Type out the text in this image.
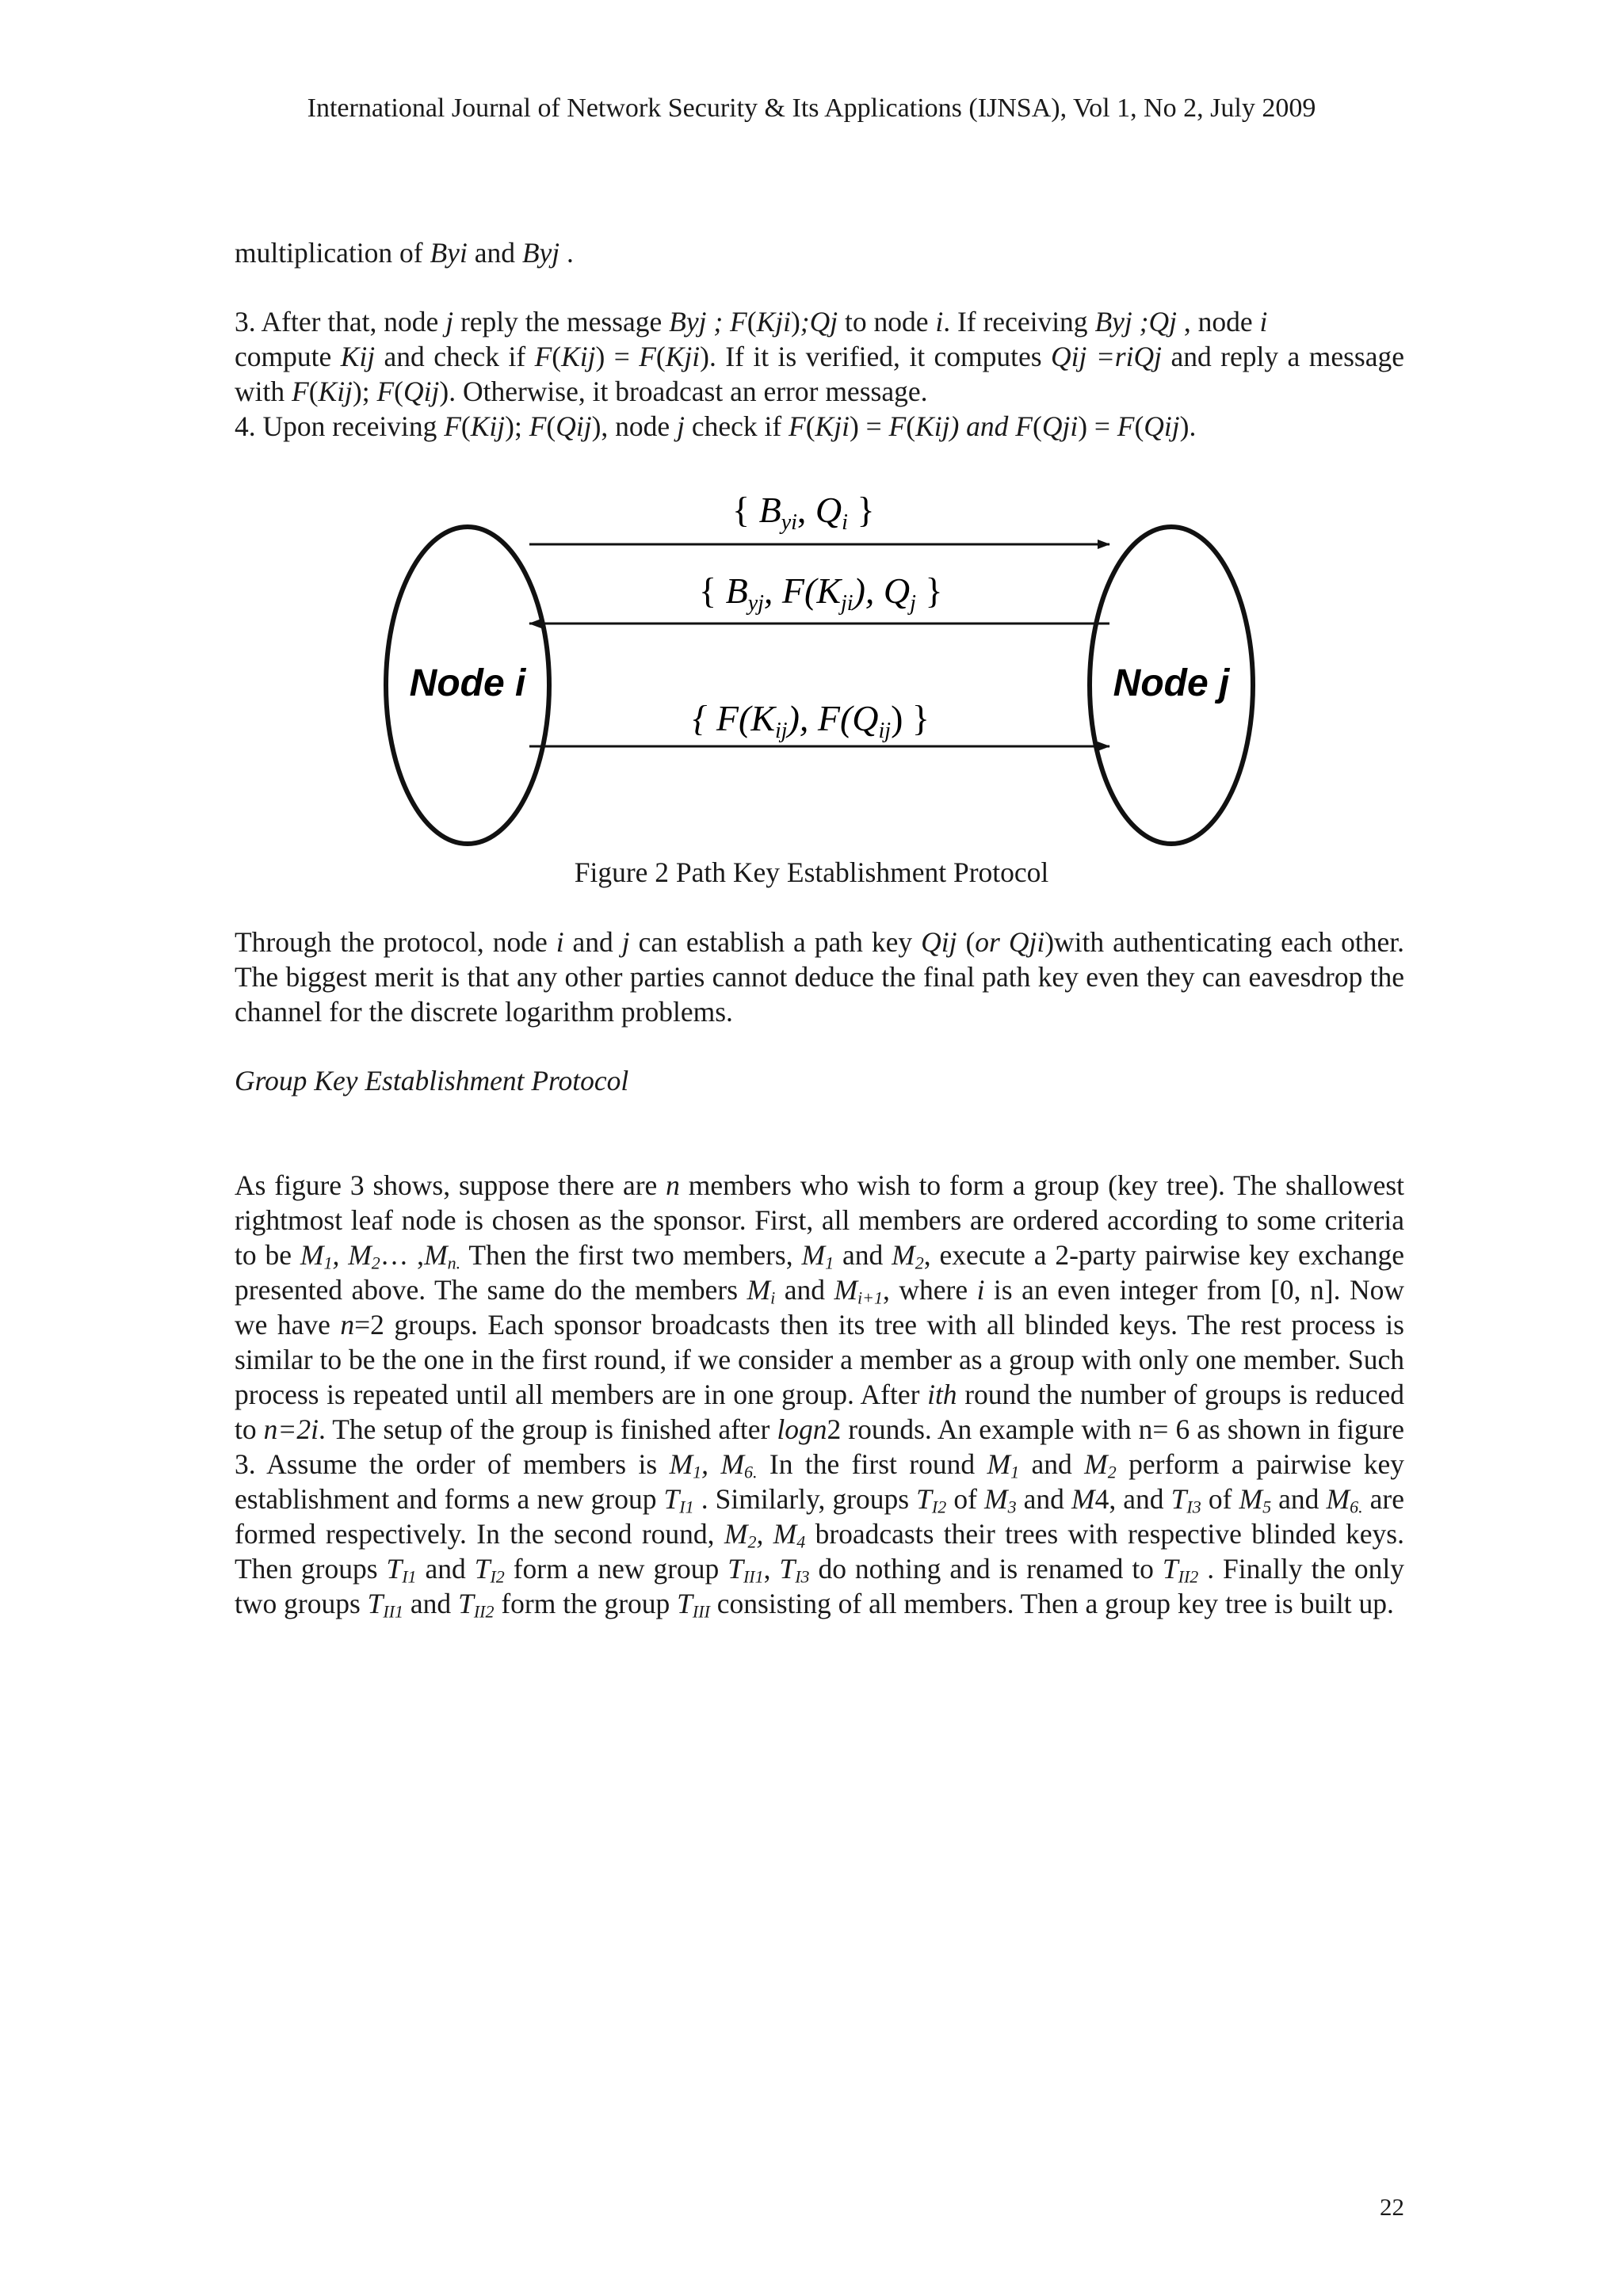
International Journal of Network Security & Its Applications (IJNSA), Vol 1, No 2, July 2009
multiplication of Byi and Byj .
3. After that, node j reply the message Byj ; F(Kji);Qj to node i. If receiving Byj ;Qj , node i
compute Kij and check if F(Kij) = F(Kji). If it is verified, it computes Qij =riQj and reply a message with F(Kij); F(Qij). Otherwise, it broadcast an error message.
4. Upon receiving F(Kij); F(Qij), node j check if F(Kji) = F(Kij) and F(Qji) = F(Qij).
Node i	Node j
{ Byi, Qi }
{ Byj, F(Kji), Qj }
{ F(Kij), F(Qij) }
Figure 2 Path Key Establishment Protocol
Through the protocol, node i and j can establish a path key Qij (or Qji)with authenticating each other. The biggest merit is that any other parties cannot deduce the final path key even they can eavesdrop the channel for the discrete logarithm problems.
Group Key Establishment Protocol
As figure 3 shows, suppose there are n members who wish to form a group (key tree). The shallowest rightmost leaf node is chosen as the sponsor. First, all members are ordered according to some criteria to be $M_1$, $M_2\dots$ $,M_{n.}$ Then the first two members, $M_1$ and $M_2$, execute a 2-party pairwise key exchange presented above. The same do the members $M_i$ and $M_{i+1}$, where i is an even integer from [0, n]. Now we have n=2 groups. Each sponsor broadcasts then its tree with all blinded keys. The rest process is similar to be the one in the first round, if we consider a member as a group with only one member. Such process is repeated until all members are in one group. After ith round the number of groups is reduced to n=2i. The setup of the group is finished after logn2 rounds. An example with n= 6 as shown in figure 3. Assume the order of members is $M_1$, $M_{6.}$ In the first round $M_1$ and $M_2$ perform a pairwise key establishment and forms a new group $T_{I1}$ . Similarly, groups $T_{I2}$ of $M_3$ and M4, and $T_{I3}$ of $M_5$ and $M_{6.}$ are formed respectively. In the second round, $M_2$, $M_4$ broadcasts their trees with respective blinded keys. Then groups $T_{I1}$ and $T_{I2}$ form a new group $T_{II1}$, $T_{I3}$ do nothing and is renamed to $T_{II2}$ . Finally the only two groups $T_{II1}$ and $T_{II2}$ form the group $T_{III}$ consisting of all members. Then a group key tree is built up.
22
